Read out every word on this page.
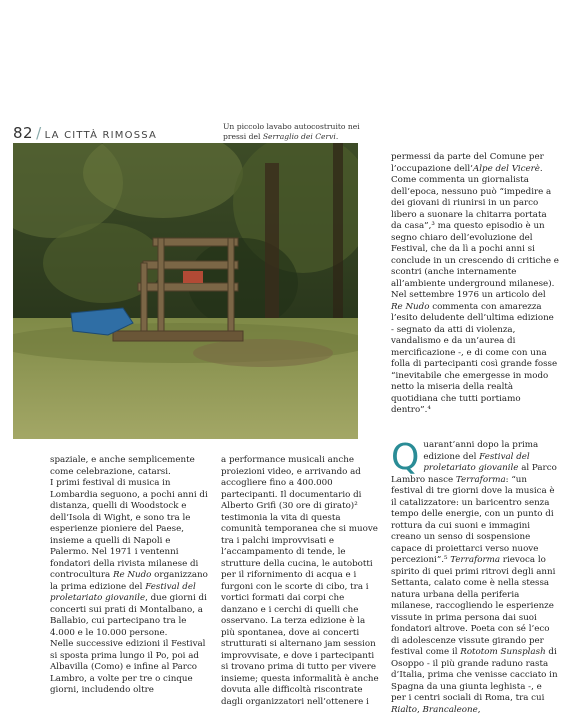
82 / LA CITTÀ RIMOSSA
Un piccolo lavabo autocostruito nei pressi del Serraglio dei Cervi.

spaziale, e anche semplicemente come celebrazione, catarsi.

I primi festival di musica in Lombardia seguono, a pochi anni di distanza, quelli di Woodstock e dell’Isola di Wight, e sono tra le esperienze pioniere del Paese, insieme a quelli di Napoli e Palermo. Nel 1971 i ventenni fondatori della rivista milanese di controcultura Re Nudo organizzano la prima edizione del Festival del proletariato giovanile, due giorni di concerti sui prati di Montalbano, a Ballabio, cui partecipano tra le 4.000 e le 10.000 persone.

Nelle successive edizioni il Festival si sposta prima lungo il Po, poi ad Albavilla (Como) e infine al Parco Lambro, a volte per tre o cinque giorni, includendo oltre

a performance musicali anche proiezioni video, e arrivando ad accogliere fino a 400.000 partecipanti. Il documentario di Alberto Grifi (30 ore di girato)² testimonia la vita di questa comunità temporanea che si muove tra i palchi improvvisati e l’accampamento di tende, le strutture della cucina, le autobotti per il rifornimento di acqua e i furgoni con le scorte di cibo, tra i vortici formati dai corpi che danzano e i cerchi di quelli che osservano. La terza edizione è la più spontanea, dove ai concerti strutturati si alternano jam session improvvisate, e dove i partecipanti si trovano prima di tutto per vivere insieme; questa informalità è anche dovuta alle difficoltà riscontrate dagli organizzatori nell’ottenere i

permessi da parte del Comune per l’occupazione dell’Alpe del Vicerè. Come commenta un giornalista dell’epoca, nessuno può “impedire a dei giovani di riunirsi in un parco libero a suonare la chitarra portata da casa”,³ ma questo episodio è un segno chiaro dell’evoluzione del Festival, che da lì a pochi anni si conclude in un crescendo di critiche e scontri (anche internamente all’ambiente underground milanese). Nel settembre 1976 un articolo del Re Nudo commenta con amarezza l’esito deludente dell’ultima edizione - segnato da atti di violenza, vandalismo e da un’aurea di mercificazione -, e di come con una folla di partecipanti così grande fosse “inevitabile che emergesse in modo netto la miseria della realtà quotidiana che tutti portiamo dentro”.⁴

Q uarant’anni dopo la prima edizione del Festival del proletariato giovanile al Parco Lambro nasce Terraforma: “un festival di tre giorni dove la musica è il catalizzatore: un baricentro senza tempo delle energie, con un punto di rottura da cui suoni e immagini creano un senso di sospensione capace di proiettarci verso nuove percezioni”.⁵ Terraforma rievoca lo spirito di quei primi ritrovi degli anni Settanta, calato come è nella stessa natura urbana della periferia milanese, raccogliendo le esperienze vissute in prima persona dai suoi fondatori altrove. Poeta con sé l’eco di adolescenze vissute girando per festival come il Rototom Sunsplash di Osoppo - il più grande raduno rasta d’Italia, prima che venisse cacciato in Spagna da una giunta leghista -, e per i centri sociali di Roma, tra cui Rialto, Brancaleone,
